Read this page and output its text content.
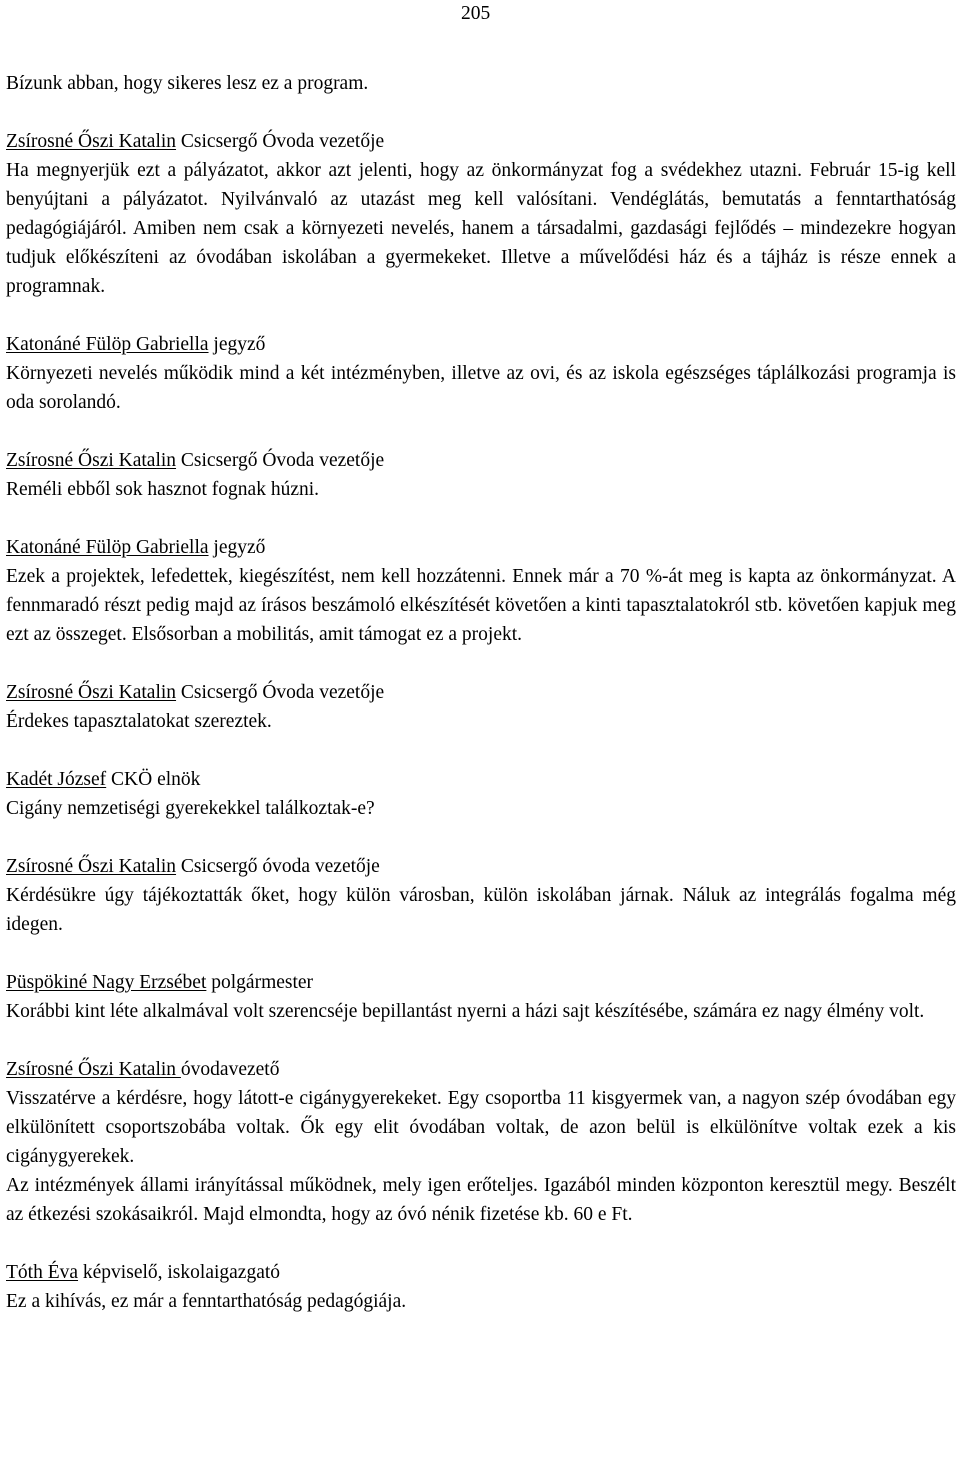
205
Bízunk abban, hogy sikeres lesz ez a program.
Zsírosné Őszi Katalin Csicsergő Óvoda vezetője
Ha megnyerjük ezt a pályázatot, akkor azt jelenti, hogy az önkormányzat fog a svédekhez utazni. Február 15-ig kell benyújtani a pályázatot. Nyilvánvaló az utazást meg kell valósítani. Vendéglátás, bemutatás a fenntarthatóság pedagógiájáról. Amiben nem csak a környezeti nevelés, hanem a társadalmi, gazdasági fejlődés – mindezekre hogyan tudjuk előkészíteni az óvodában iskolában a gyermekeket. Illetve a művelődési ház és a tájház is része ennek a programnak.
Katonáné Fülöp Gabriella jegyző
Környezeti nevelés működik mind a két intézményben, illetve az ovi, és az iskola egészséges táplálkozási programja is oda sorolandó.
Zsírosné Őszi Katalin Csicsergő Óvoda vezetője
Reméli ebből sok hasznot fognak húzni.
Katonáné Fülöp Gabriella jegyző
Ezek a projektek, lefedettek, kiegészítést, nem kell hozzátenni. Ennek már a 70 %-át meg is kapta az önkormányzat. A fennmaradó részt pedig majd az írásos beszámoló elkészítését követően a kinti tapasztalatokról stb. követően kapjuk meg ezt az összeget. Elsősorban a mobilitás, amit támogat ez a projekt.
Zsírosné Őszi Katalin Csicsergő Óvoda vezetője
Érdekes tapasztalatokat szereztek.
Kadét József CKÖ elnök
Cigány nemzetiségi gyerekekkel találkoztak-e?
Zsírosné Őszi Katalin Csicsergő óvoda vezetője
Kérdésükre úgy tájékoztatták őket, hogy külön városban, külön iskolában járnak. Náluk az integrálás fogalma még idegen.
Püspökiné Nagy Erzsébet polgármester
Korábbi kint léte alkalmával volt szerencséje bepillantást nyerni a házi sajt készítésébe, számára ez nagy élmény volt.
Zsírosné Őszi Katalin óvodavezető
Visszatérve a kérdésre, hogy látott-e cigánygyerekeket. Egy csoportba 11 kisgyermek van, a nagyon szép óvodában egy elkülönített csoportszobába voltak. Ők egy elit óvodában voltak, de azon belül is elkülönítve voltak ezek a kis cigánygyerekek.
Az intézmények állami irányítással működnek, mely igen erőteljes. Igazából minden központon keresztül megy. Beszélt az étkezési szokásaikról. Majd elmondta, hogy az óvó nénik fizetése kb. 60 e Ft.
Tóth Éva képviselő, iskolaigazgató
Ez a kihívás, ez már a fenntarthatóság pedagógiája.
